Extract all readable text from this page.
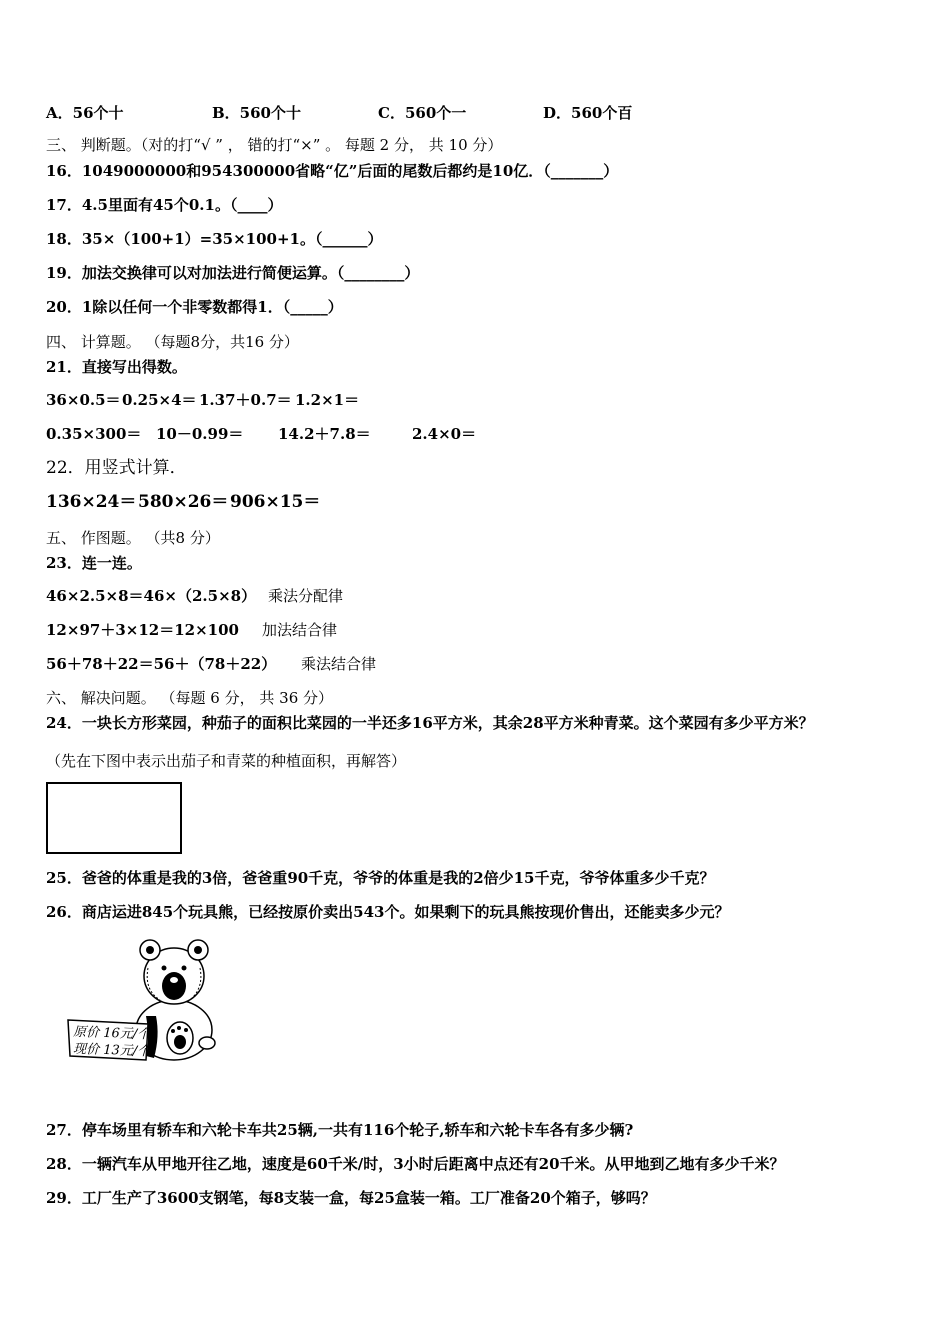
A．56个十	B．560个十	C．560个一	D．560个百
三、 判断题。（对的打“√ ” ， 错的打“×” 。 每题 2 分， 共 10 分）
16．1049000000和954300000省略“亿”后面的尾数后都约是10亿．（_______）
17．4.5里面有45个0.1。（____）
18．35×（100+1）=35×100+1。（______）
19．加法交换律可以对加法进行简便运算。（________）
20．1除以任何一个非零数都得1．（_____）
四、 计算题。 （每题8分，共16 分）
21．直接写出得数。
36×0.5＝0.25×4＝ 1.37＋0.7＝ 1.2×1＝
0.35×300＝ 10－0.99＝ 14.2＋7.8＝	2.4×0＝
22．用竖式计算．
136×24＝580×26＝906×15＝
五、 作图题。 （共8 分）
23．连一连。
46×2.5×8＝46×（2.5×8） 乘法分配律
12×97＋3×12＝12×100 加法结合律
56＋78＋22＝56＋（78＋22） 乘法结合律
六、 解决问题。 （每题 6 分， 共 36 分）
24．一块长方形菜园，种茄子的面积比菜园的一半还多16平方米，其余28平方米种青菜。这个菜园有多少平方米？
（先在下图中表示出茄子和青菜的种植面积，再解答）
25．爸爸的体重是我的3倍，爸爸重90千克，爷爷的体重是我的2倍少15千克，爷爷体重多少千克？
26．商店运进845个玩具熊，已经按原价卖出543个。如果剩下的玩具熊按现价售出，还能卖多少元？
原价 16元/个
现价 13元/个
27．停车场里有轿车和六轮卡车共25辆,一共有116个轮子,轿车和六轮卡车各有多少辆?
28．一辆汽车从甲地开往乙地，速度是60千米/时，3小时后距离中点还有20千米。从甲地到乙地有多少千米？
29．工厂生产了3600支钢笔，每8支装一盒，每25盒装一箱。工厂准备20个箱子，够吗？
